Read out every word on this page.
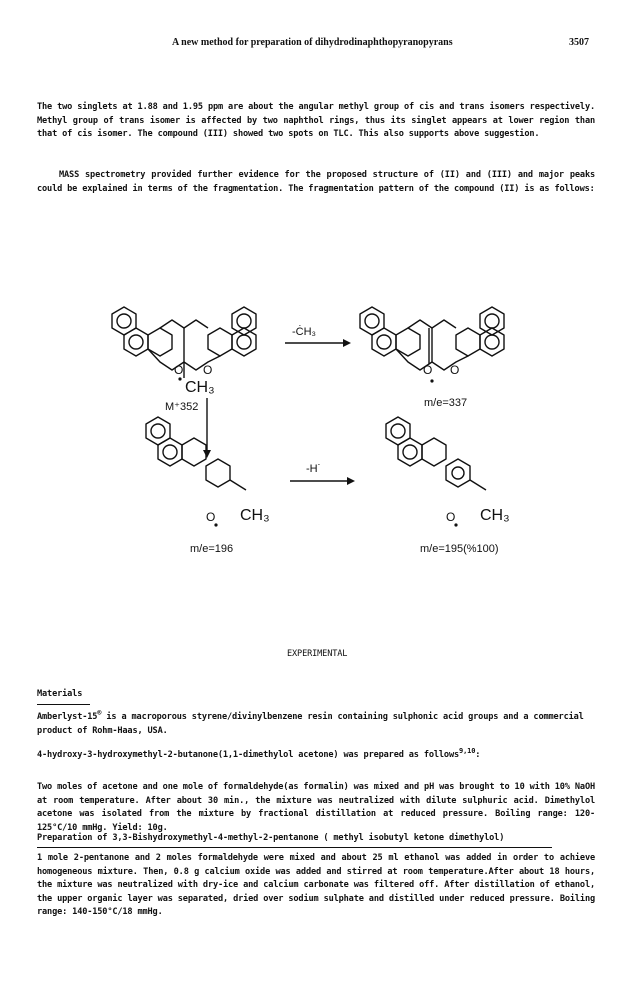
A new method for preparation of dihydrodinaphthopyranopyrans	3507

The two singlets at 1.88 and 1.95 ppm are about the angular methyl group of cis and trans isomers respectively. Methyl group of trans isomer is affected by two naphthol rings, thus its singlet appears at lower region than that of cis isomer. The compound (III) showed two spots on TLC. This also supports above suggestion.

MASS spectrometry provided further evidence for the proposed structure of (II) and (III) and major peaks could be explained in terms of the fragmentation. The fragmentation pattern of the compound (II) is as follows:

O O
CH₃
M⁺352
-ĊH₃
O O
m/e=337
O CH₃
m/e=196
-H˙
O CH₃
m/e=195(%100)
EXPERIMENTAL
Materials
Amberlyst-15® is a macroporous styrene/divinylbenzene resin containing sulphonic acid groups and a commercial product of Rohm-Haas, USA.
4-hydroxy-3-hydroxymethyl-2-butanone(1,1-dimethylol acetone) was prepared as follows$^{9,10}$:
Two moles of acetone and one mole of formaldehyde(as formalin) was mixed and pH was brought to 10 with 10% NaOH at room temperature. After about 30 min., the mixture was neutralized with dilute sulphuric acid. Dimethylol acetone was isolated from the mixture by fractional distillation at reduced pressure. Boiling range: 120-125°C/10 mmHg. Yield: 10g.
Preparation of 3,3-Bishydroxymethyl-4-methyl-2-pentanone ( methyl isobutyl ketone dimethylol)
1 mole 2-pentanone and 2 moles formaldehyde were mixed and about 25 ml ethanol was added in order to achieve homogeneous mixture. Then, 0.8 g calcium oxide was added and stirred at room temperature.After about 18 hours, the mixture was neutralized with dry-ice and calcium carbonate was filtered off. After distillation of ethanol, the upper organic layer was separated, dried over sodium sulphate and distilled under reduced pressure. Boiling range: 140-150°C/18 mmHg.
